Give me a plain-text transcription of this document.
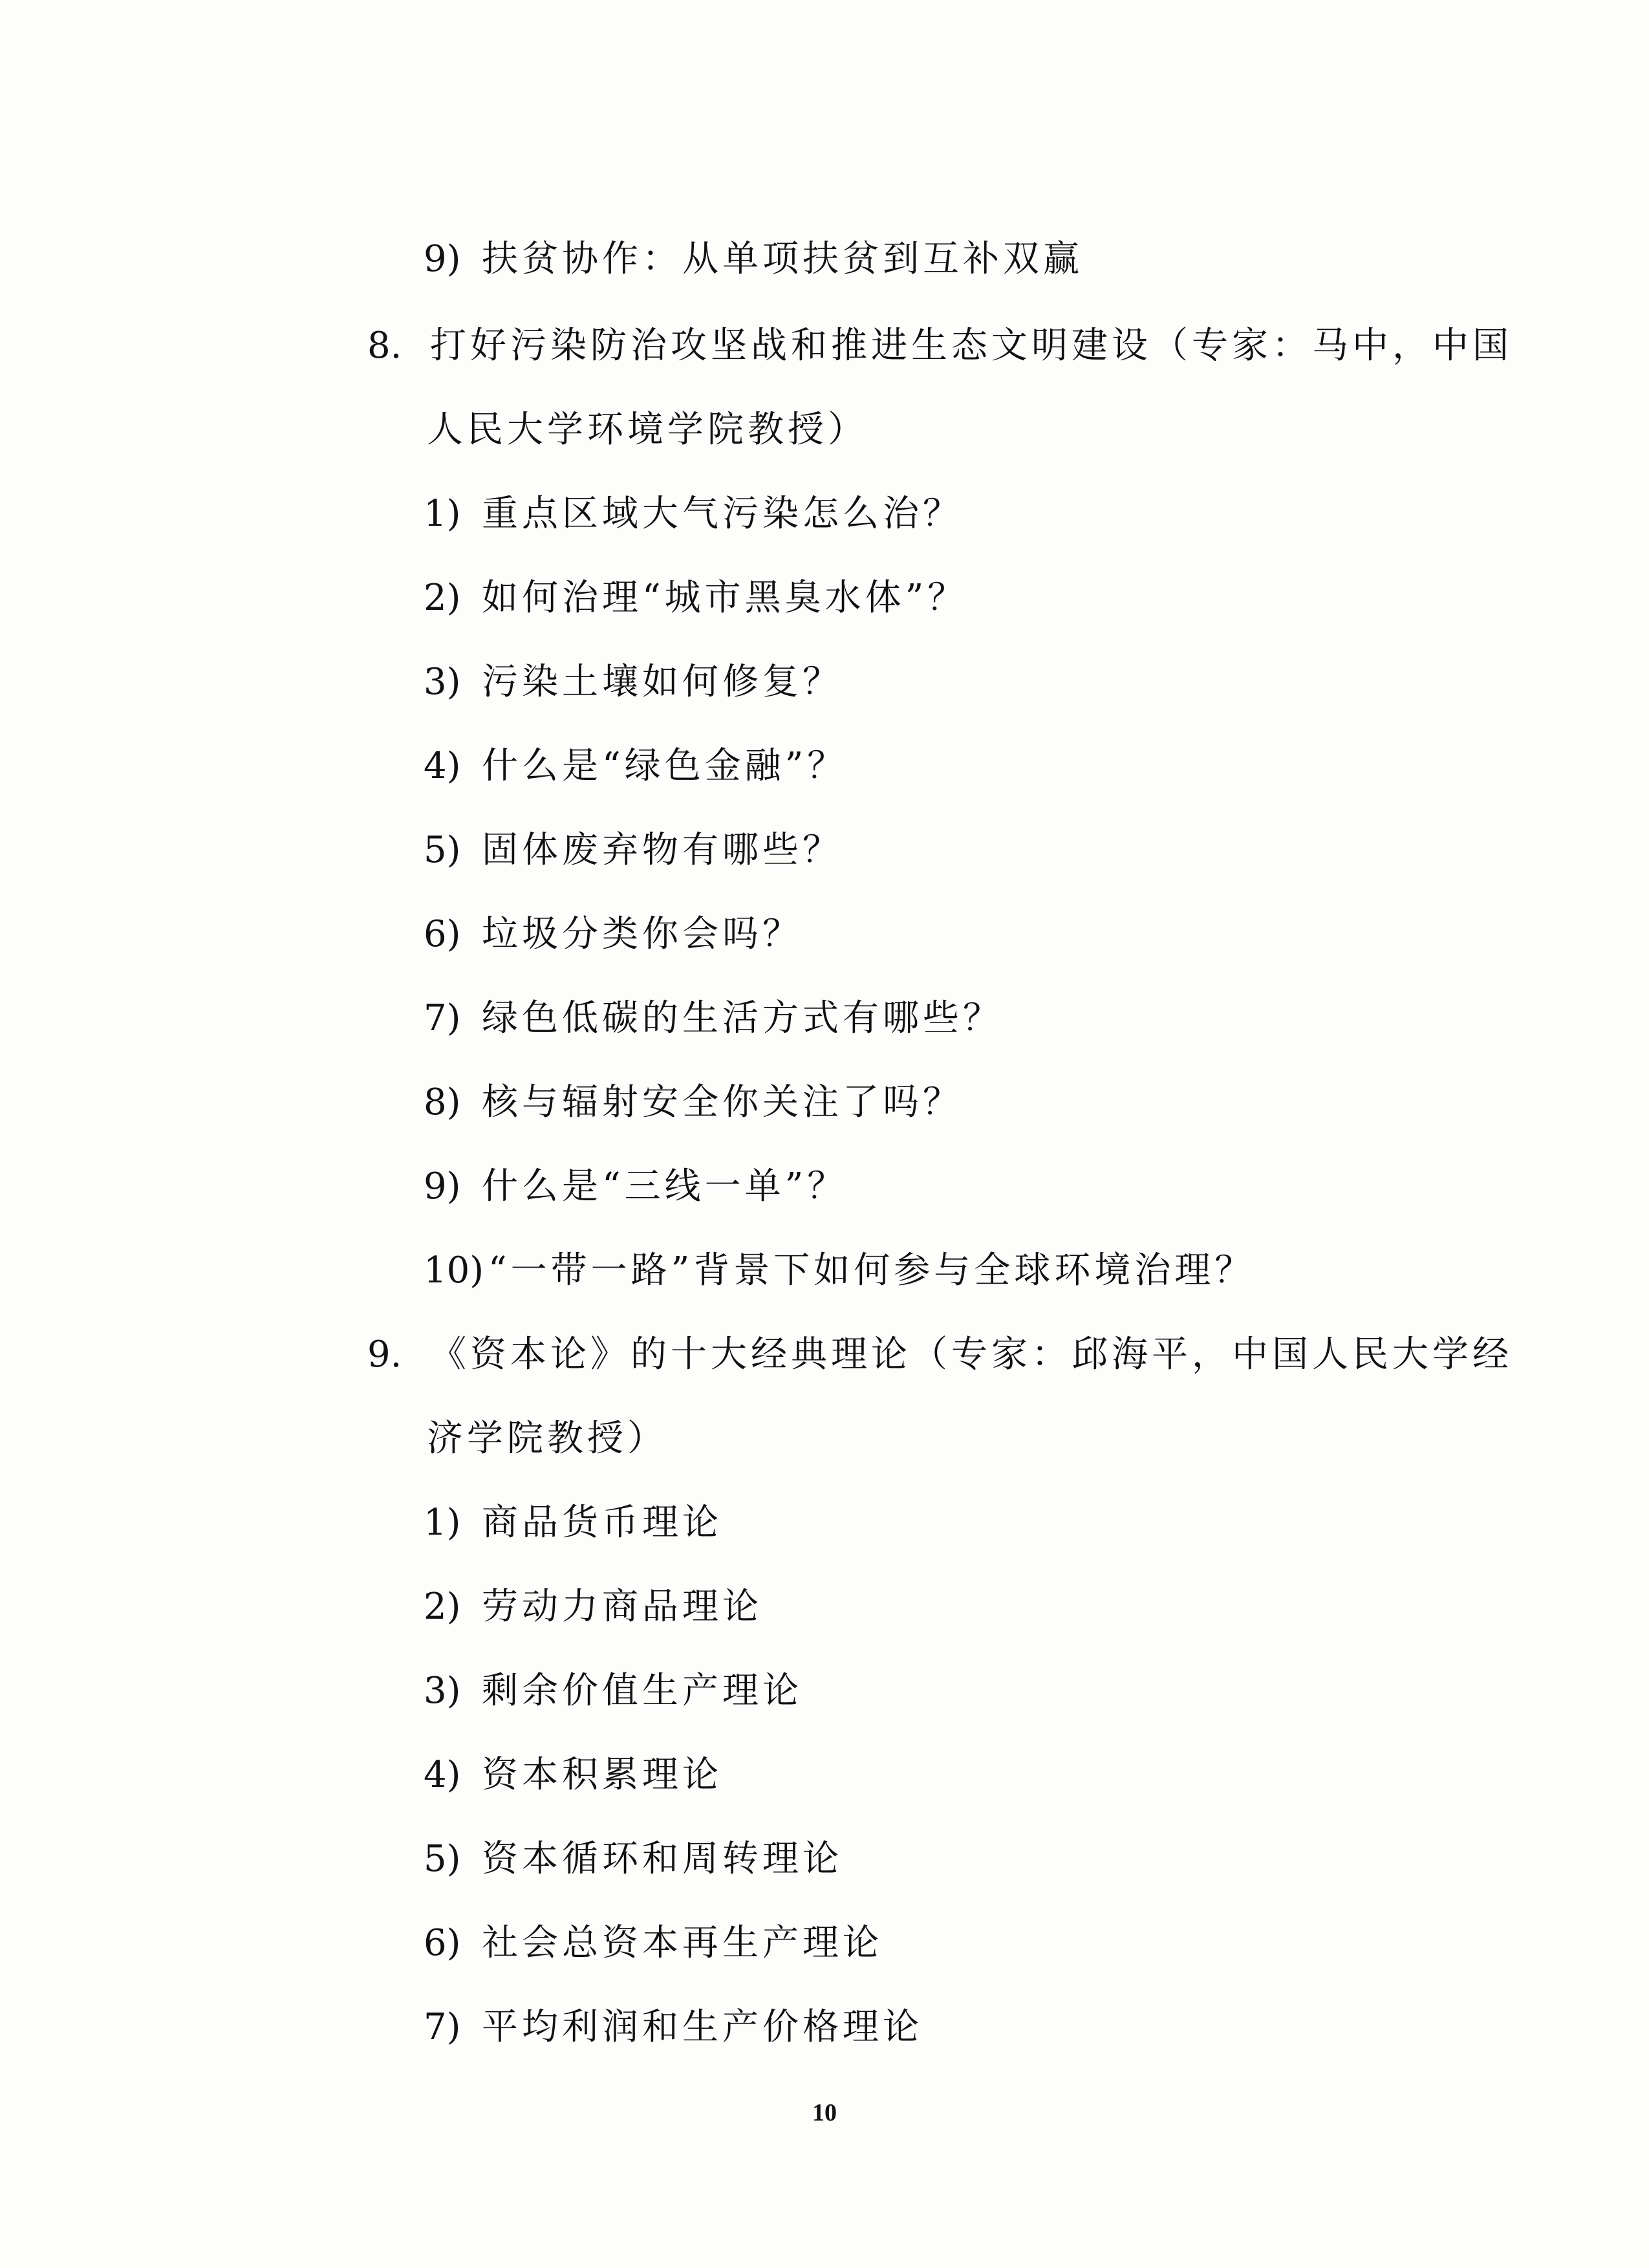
9) 扶贫协作：从单项扶贫到互补双赢
8. 打好污染防治攻坚战和推进生态文明建设（专家：马中，中国
人民大学环境学院教授）
1) 重点区域大气污染怎么治？
2) 如何治理“城市黑臭水体”？
3) 污染土壤如何修复？
4) 什么是“绿色金融”？
5) 固体废弃物有哪些？
6) 垃圾分类你会吗？
7) 绿色低碳的生活方式有哪些？
8) 核与辐射安全你关注了吗？
9) 什么是“三线一单”？
10) “一带一路”背景下如何参与全球环境治理？
9. 《资本论》的十大经典理论（专家：邱海平，中国人民大学经
济学院教授）
1) 商品货币理论
2) 劳动力商品理论
3) 剩余价值生产理论
4) 资本积累理论
5) 资本循环和周转理论
6) 社会总资本再生产理论
7) 平均利润和生产价格理论
10
